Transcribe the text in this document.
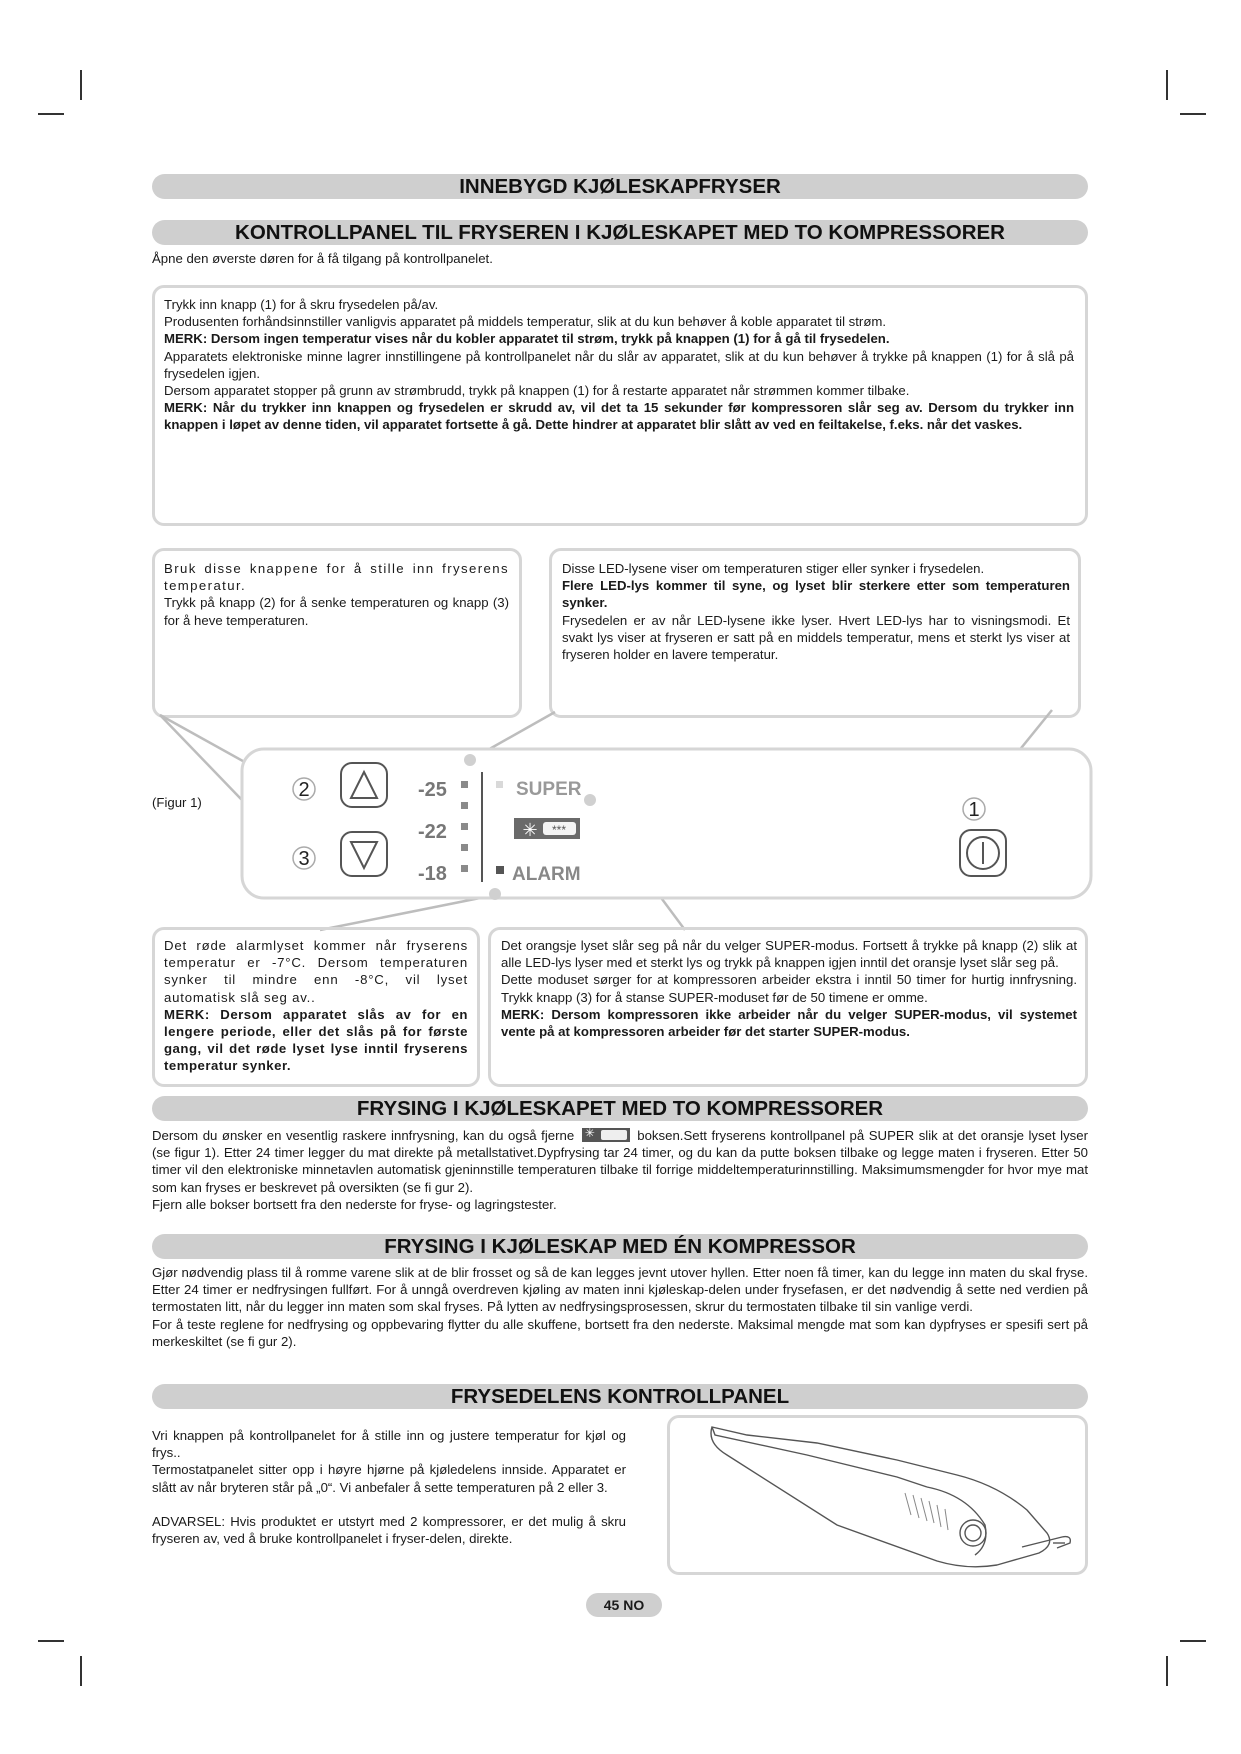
INNEBYGD KJØLESKAPFRYSER
KONTROLLPANEL TIL FRYSEREN I KJØLESKAPET MED TO KOMPRESSORER
Åpne den øverste døren for å få tilgang på kontrollpanelet.

Trykk inn knapp (1) for å skru frysedelen på/av.

Produsenten forhåndsinnstiller vanligvis apparatet på middels temperatur, slik at du kun behøver å koble apparatet til strøm.

MERK: Dersom ingen temperatur vises når du kobler apparatet til strøm, trykk på knappen (1) for å gå til frysedelen.

Apparatets elektroniske minne lagrer innstillingene på kontrollpanelet når du slår av apparatet, slik at du kun behøver å trykke på knappen (1) for å slå på frysedelen igjen.

Dersom apparatet stopper på grunn av strømbrudd, trykk på knappen (1) for å restarte apparatet når strømmen kommer tilbake.

MERK: Når du trykker inn knappen og frysedelen er skrudd av, vil det ta 15 sekunder før kompressoren slår seg av. Dersom du trykker inn knappen i løpet av denne tiden, vil apparatet fortsette å gå. Dette hindrer at apparatet blir slått av ved en feiltakelse, f.eks. når det vaskes.

Bruk disse knappene for å stille inn fryserens temperatur.

Trykk på knapp (2) for å senke temperaturen og knapp (3) for å heve temperaturen.

Disse LED-lysene viser om temperaturen stiger eller synker i frysedelen.

Flere LED-lys kommer til syne, og lyset blir sterkere etter som temperaturen synker.

Frysedelen er av når LED-lysene ikke lyser. Hvert LED-lys har to visningsmodi. Et svakt lys viser at fryseren er satt på en middels temperatur, mens et sterkt lys viser at fryseren holder en lavere temperatur.

2
3
1
-25
-22
-18
SUPER
✳ ***
ALARM
(Figur 1)

Det røde alarmlyset kommer når fryserens temperatur er -7°C. Dersom temperaturen synker til mindre enn -8°C, vil lyset automatisk slå seg av..

MERK: Dersom apparatet slås av for en lengere periode, eller det slås på for første gang, vil det røde lyset lyse inntil fryserens temperatur synker.

Det orangsje lyset slår seg på når du velger SUPER-modus. Fortsett å trykke på knapp (2) slik at alle LED-lys lyser med et sterkt lys og trykk på knappen igjen inntil det oransje lyset slår seg på.

Dette moduset sørger for at kompressoren arbeider ekstra i inntil 50 timer for hurtig innfrysning. Trykk knapp (3) for å stanse SUPER-moduset før de 50 timene er omme.

MERK: Dersom kompressoren ikke arbeider når du velger SUPER-modus, vil systemet vente på at kompressoren arbeider før det starter SUPER-modus.

FRYSING I KJØLESKAPET MED TO KOMPRESSORER

Dersom du ønsker en vesentlig raskere innfrysning, kan du også fjerne ✳	boksen.Sett fryserens kontrollpanel på SUPER slik at det oransje lyset lyser (se figur 1). Etter 24 timer legger du mat direkte på metallstativet.Dypfrysing tar 24 timer, og du kan da putte boksen tilbake og legge maten i fryseren. Etter 50 timer vil den elektroniske minnetavlen automatisk gjeninnstille temperaturen tilbake til forrige middeltemperaturinnstilling. Maksimumsmengder for hvor mye mat som kan fryses er beskrevet på oversikten (se fi gur 2).

Fjern alle bokser bortsett fra den nederste for fryse- og lagringstester.

FRYSING I KJØLESKAP MED ÉN KOMPRESSOR

Gjør nødvendig plass til å romme varene slik at de blir frosset og så de kan legges jevnt utover hyllen. Etter noen få timer, kan du legge inn maten du skal fryse. Etter 24 timer er nedfrysingen fullført. For å unngå overdreven kjøling av maten inni kjøleskap-delen under frysefasen, er det nødvendig å sette ned verdien på termostaten litt, når du legger inn maten som skal fryses. På lytten av nedfrysingsprosessen, skrur du termostaten tilbake til sin vanlige verdi.

For å teste reglene for nedfrysing og oppbevaring flytter du alle skuffene, bortsett fra den nederste. Maksimal mengde mat som kan dypfryses er spesifi sert på merkeskiltet (se fi gur 2).

FRYSEDELENS KONTROLLPANEL

Vri knappen på kontrollpanelet for å stille inn og justere temperatur for kjøl og frys..

Termostatpanelet sitter opp i høyre hjørne på kjøledelens innside. Apparatet er slått av når bryteren står på „0“. Vi anbefaler å sette temperaturen på 2 eller 3.

ADVARSEL: Hvis produktet er utstyrt med 2 kompressorer, er det mulig å skru fryseren av, ved å bruke kontrollpanelet i fryser-delen, direkte.

45 NO
